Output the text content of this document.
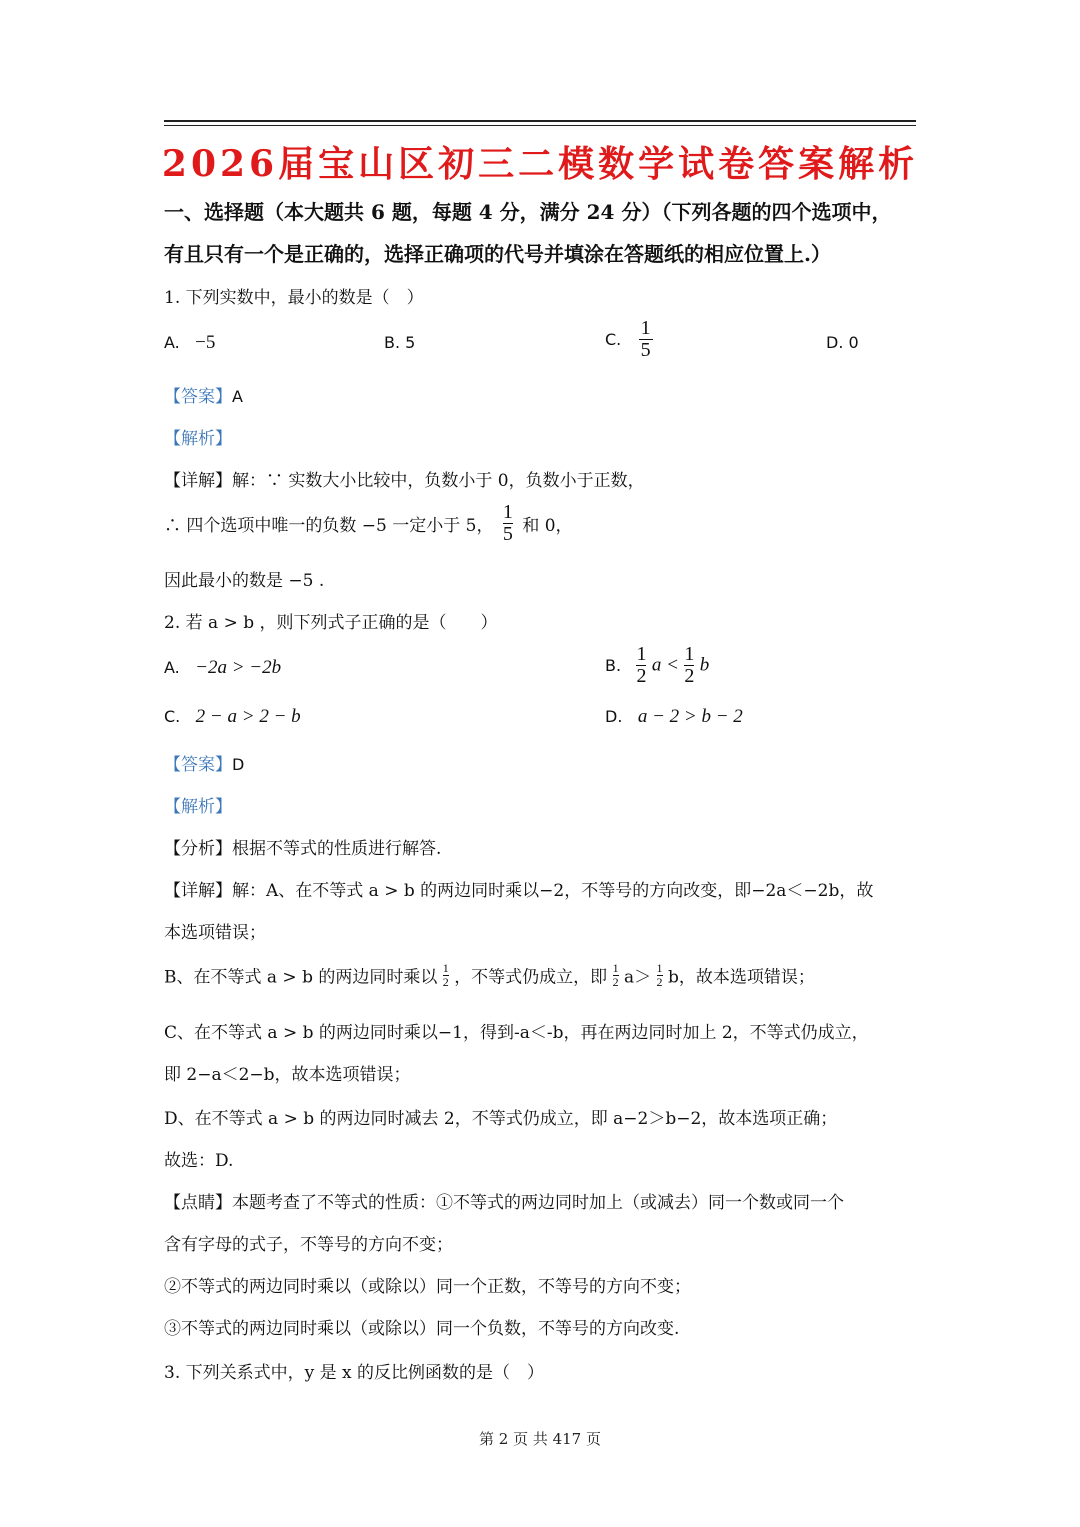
2026届宝山区初三二模数学试卷答案解析
一、选择题（本大题共 6 题，每题 4 分，满分 24 分）（下列各题的四个选项中，
有且只有一个是正确的，选择正确项的代号并填涂在答题纸的相应位置上.）
1. 下列实数中，最小的数是（　）
A. −5	B. 5	C. $\frac{1}{5}$	D. 0
【答案】A
【解析】
【详解】解：∵ 实数大小比较中，负数小于 0，负数小于正数，
∴ 四个选项中唯一的负数 −5 一定小于 5， $\frac{1}{5}$ 和 0，
因此最小的数是 −5 .
2. 若 a > b ，则下列式子正确的是（　　）
A. −2a > −2b	B. $\frac{1}{2}$ $a < \frac{1}{2}$ b
C. 2 − a > 2 − b	D. a − 2 > b − 2
【答案】D
【解析】
【分析】根据不等式的性质进行解答.
【详解】解：A、在不等式 a > b 的两边同时乘以−2，不等号的方向改变，即−2a＜−2b，故
本选项错误；
B、在不等式 a > b 的两边同时乘以 $\frac{1}{2}$ ，不等式仍成立，即 $\frac{1}{2} a> \frac{1}{2}$ b，故本选项错误；
C、在不等式 a > b 的两边同时乘以−1，得到-a＜-b，再在两边同时加上 2，不等式仍成立，
即 2−a＜2−b，故本选项错误；
D、在不等式 a > b 的两边同时减去 2，不等式仍成立，即 a−2＞b−2，故本选项正确；
故选：D.
【点睛】本题考查了不等式的性质：①不等式的两边同时加上（或减去）同一个数或同一个
含有字母的式子，不等号的方向不变；
②不等式的两边同时乘以（或除以）同一个正数，不等号的方向不变；
③不等式的两边同时乘以（或除以）同一个负数，不等号的方向改变.
3. 下列关系式中，y 是 x 的反比例函数的是（　）
第 2 页 共 417 页
